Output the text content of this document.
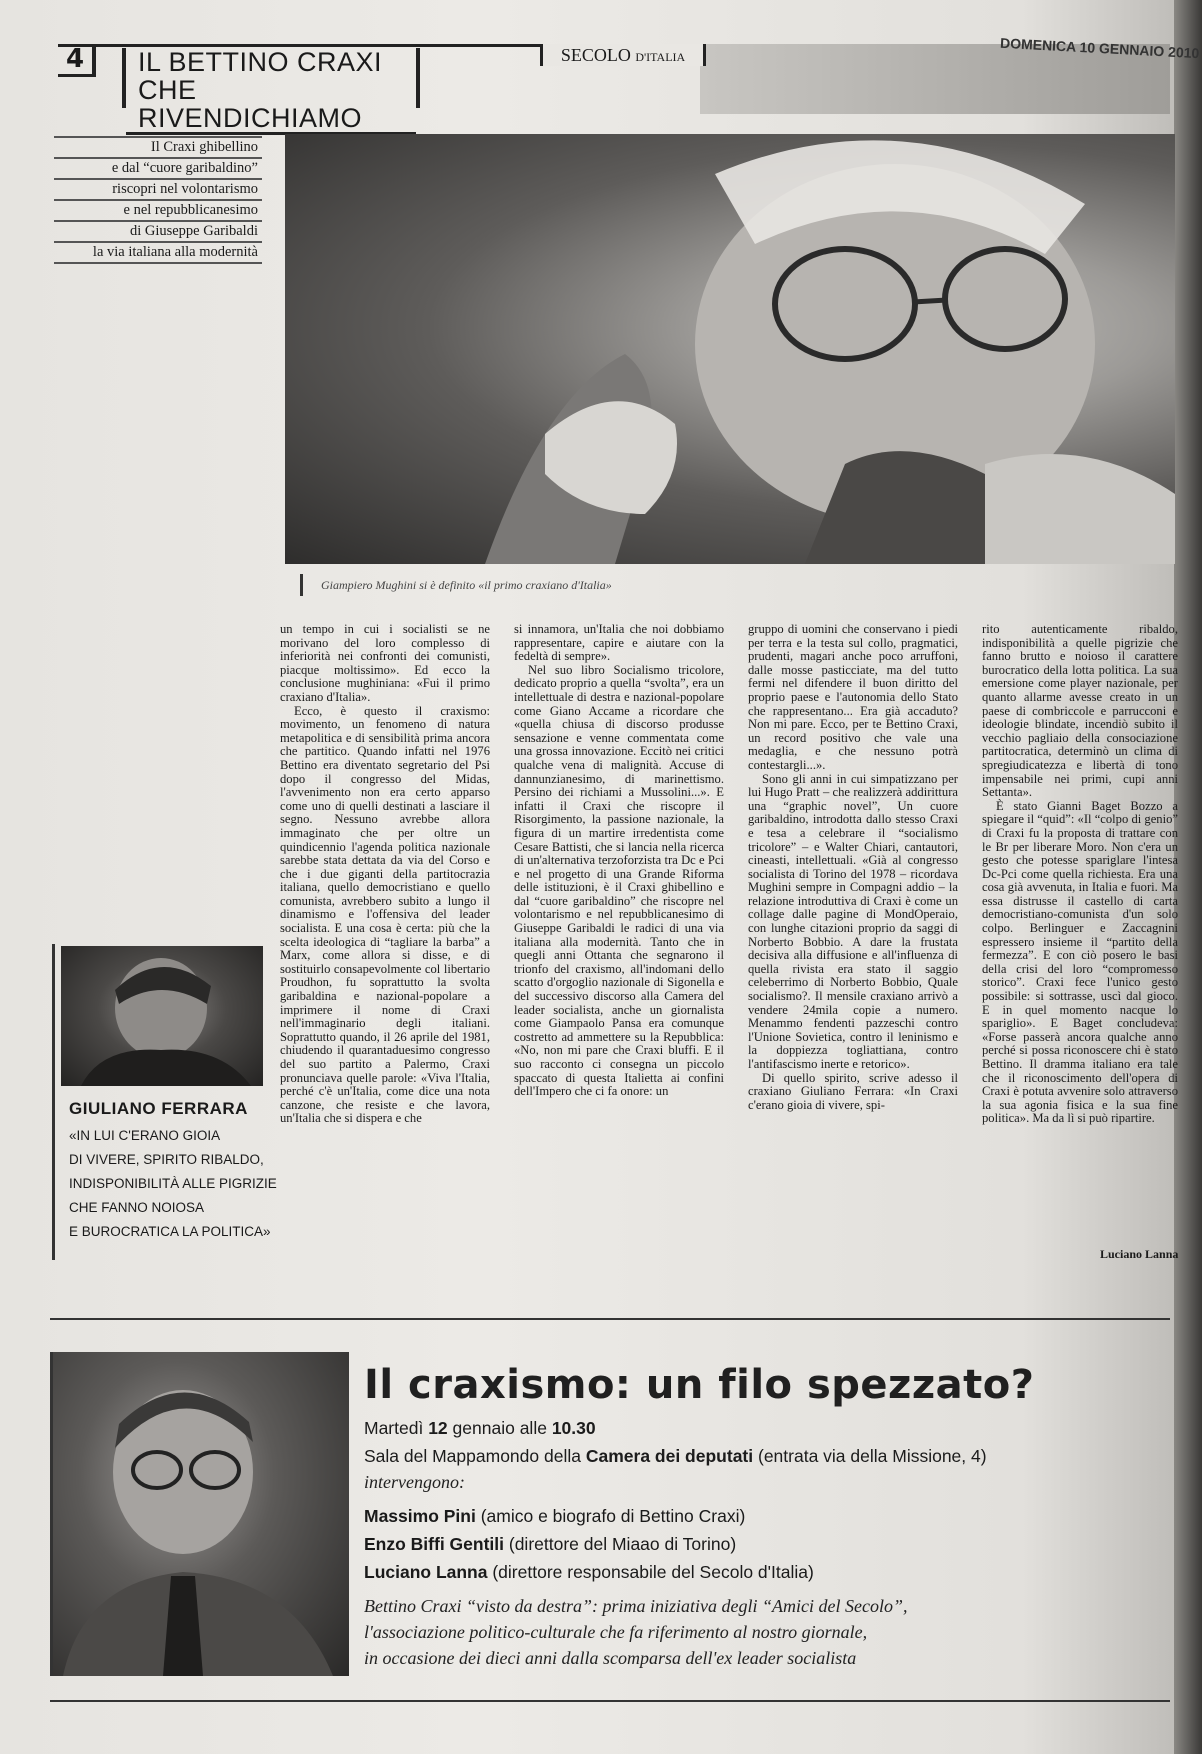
4	IL BETTINO CRAXI
CHE RIVENDICHIAMO
SECOLO D'ITALIA	DOMENICA 10 GENNAIO 2010
Il Craxi ghibellino
e dal “cuore garibaldino”
riscopri nel volontarismo
e nel repubblicanesimo
di Giuseppe Garibaldi
la via italiana alla modernità
Giampiero Mughini si è definito «il primo craxiano d'Italia»

un tempo in cui i socialisti se ne morivano del loro complesso di inferiorità nei confronti dei comunisti, piacque moltissimo». Ed ecco la conclusione mughiniana: «Fui il primo craxiano d'Italia».

Ecco, è questo il craxismo: movimento, un fenomeno di natura metapolitica e di sensibilità prima ancora che partitico. Quando infatti nel 1976 Bettino era diventato segretario del Psi dopo il congresso del Midas, l'avvenimento non era certo apparso come uno di quelli destinati a lasciare il segno. Nessuno avrebbe allora immaginato che per oltre un quindicennio l'agenda politica nazionale sarebbe stata dettata da via del Corso e che i due giganti della partitocrazia italiana, quello democristiano e quello comunista, avrebbero subito a lungo il dinamismo e l'offensiva del leader socialista. E una cosa è certa: più che la scelta ideologica di “tagliare la barba” a Marx, come allora si disse, e di sostituirlo consapevolmente col libertario Proudhon, fu soprattutto la svolta garibaldina e nazional-popolare a imprimere il nome di Craxi nell'immaginario degli italiani. Soprattutto quando, il 26 aprile del 1981, chiudendo il quarantaduesimo congresso del suo partito a Palermo, Craxi pronunciava quelle parole: «Viva l'Italia, perché c'è un'Italia, come dice una nota canzone, che resiste e che lavora, un'Italia che si dispera e che

si innamora, un'Italia che noi dobbiamo rappresentare, capire e aiutare con la fedeltà di sempre».

Nel suo libro Socialismo tricolore, dedicato proprio a quella “svolta”, era un intellettuale di destra e nazional-popolare come Giano Accame a ricordare che «quella chiusa di discorso produsse sensazione e venne commentata come una grossa innovazione. Eccitò nei critici qualche vena di malignità. Accuse di dannunzianesimo, di marinettismo. Persino dei richiami a Mussolini...». E infatti il Craxi che riscopre il Risorgimento, la passione nazionale, la figura di un martire irredentista come Cesare Battisti, che si lancia nella ricerca di un'alternativa terzoforzista tra Dc e Pci e nel progetto di una Grande Riforma delle istituzioni, è il Craxi ghibellino e dal “cuore garibaldino” che riscopre nel volontarismo e nel repubblicanesimo di Giuseppe Garibaldi le radici di una via italiana alla modernità. Tanto che in quegli anni Ottanta che segnarono il trionfo del craxismo, all'indomani dello scatto d'orgoglio nazionale di Sigonella e del successivo discorso alla Camera del leader socialista, anche un giornalista come Giampaolo Pansa era comunque costretto ad ammettere su la Repubblica: «No, non mi pare che Craxi bluffi. E il suo racconto ci consegna un piccolo spaccato di questa Italietta ai confini dell'Impero che ci fa onore: un

gruppo di uomini che conservano i piedi per terra e la testa sul collo, pragmatici, prudenti, magari anche poco arruffoni, dalle mosse pasticciate, ma del tutto fermi nel difendere il buon diritto del proprio paese e l'autonomia dello Stato che rappresentano... Era già accaduto? Non mi pare. Ecco, per te Bettino Craxi, un record positivo che vale una medaglia, e che nessuno potrà contestargli...».

Sono gli anni in cui simpatizzano per lui Hugo Pratt – che realizzerà addirittura una “graphic novel”, Un cuore garibaldino, introdotta dallo stesso Craxi e tesa a celebrare il “socialismo tricolore” – e Walter Chiari, cantautori, cineasti, intellettuali. «Già al congresso socialista di Torino del 1978 – ricordava Mughini sempre in Compagni addio – la relazione introduttiva di Craxi è come un collage dalle pagine di MondOperaio, con lunghe citazioni proprio da saggi di Norberto Bobbio. A dare la frustata decisiva alla diffusione e all'influenza di quella rivista era stato il saggio celeberrimo di Norberto Bobbio, Quale socialismo?. Il mensile craxiano arrivò a vendere 24mila copie a numero. Menammo fendenti pazzeschi contro l'Unione Sovietica, contro il leninismo e la doppiezza togliattiana, contro l'antifascismo inerte e retorico».

Di quello spirito, scrive adesso il craxiano Giuliano Ferrara: «In Craxi c'erano gioia di vivere, spi-

rito autenticamente ribaldo, indisponibilità a quelle pigrizie che fanno brutto e noioso il carattere burocratico della lotta politica. La sua emersione come player nazionale, per quanto allarme avesse creato in un paese di combriccole e parrucconi e ideologie blindate, incendiò subito il vecchio pagliaio della consociazione partitocratica, determinò un clima di spregiudicatezza e libertà di tono impensabile nei primi, cupi anni Settanta».

È stato Gianni Baget Bozzo a spiegare il “quid”: «Il “colpo di genio” di Craxi fu la proposta di trattare con le Br per liberare Moro. Non c'era un gesto che potesse spariglare l'intesa Dc-Pci come quella richiesta. Era una cosa già avvenuta, in Italia e fuori. Ma essa distrusse il castello di carta democristiano-comunista d'un solo colpo. Berlinguer e Zaccagnini espressero insieme il “partito della fermezza”. E con ciò posero le basi della crisi del loro “compromesso storico”. Craxi fece l'unico gesto possibile: si sottrasse, uscì dal gioco. E in quel momento nacque lo spariglio». E Baget concludeva: «Forse passerà ancora qualche anno perché si possa riconoscere chi è stato Bettino. Il dramma italiano era tale che il riconoscimento dell'opera di Craxi è potuta avvenire solo attraverso la sua agonia fisica e la sua fine politica». Ma da lì si può ripartire.

Luciano Lanna
GIULIANO FERRARA
«IN LUI C'ERANO GIOIA
DI VIVERE, SPIRITO RIBALDO,
INDISPONIBILITÀ ALLE PIGRIZIE
CHE FANNO NOIOSA
E BUROCRATICA LA POLITICA»
Il craxismo: un filo spezzato?
Martedì 12 gennaio alle 10.30
Sala del Mappamondo della Camera dei deputati (entrata via della Missione, 4)
intervengono:
Massimo Pini (amico e biografo di Bettino Craxi)
Enzo Biffi Gentili (direttore del Miaao di Torino)
Luciano Lanna (direttore responsabile del Secolo d'Italia)
Bettino Craxi “visto da destra”: prima iniziativa degli “Amici del Secolo”,
l'associazione politico-culturale che fa riferimento al nostro giornale,
in occasione dei dieci anni dalla scomparsa dell'ex leader socialista
